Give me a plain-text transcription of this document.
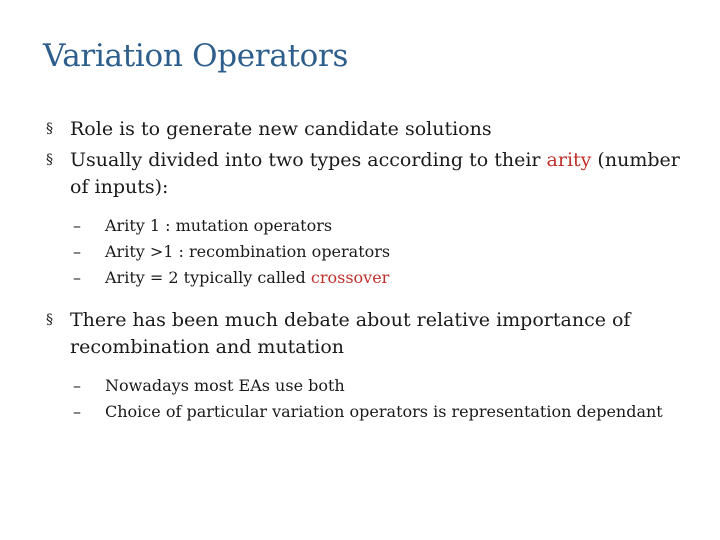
Variation Operators
§ Role is to generate new candidate solutions
§ Usually divided into two types according to their arity (number of inputs):
– Arity 1 : mutation operators
– Arity >1 : recombination operators
– Arity = 2 typically called crossover
§ There has been much debate about relative importance of recombination and mutation
– Nowadays most EAs use both
– Choice of particular variation operators is representation dependant
